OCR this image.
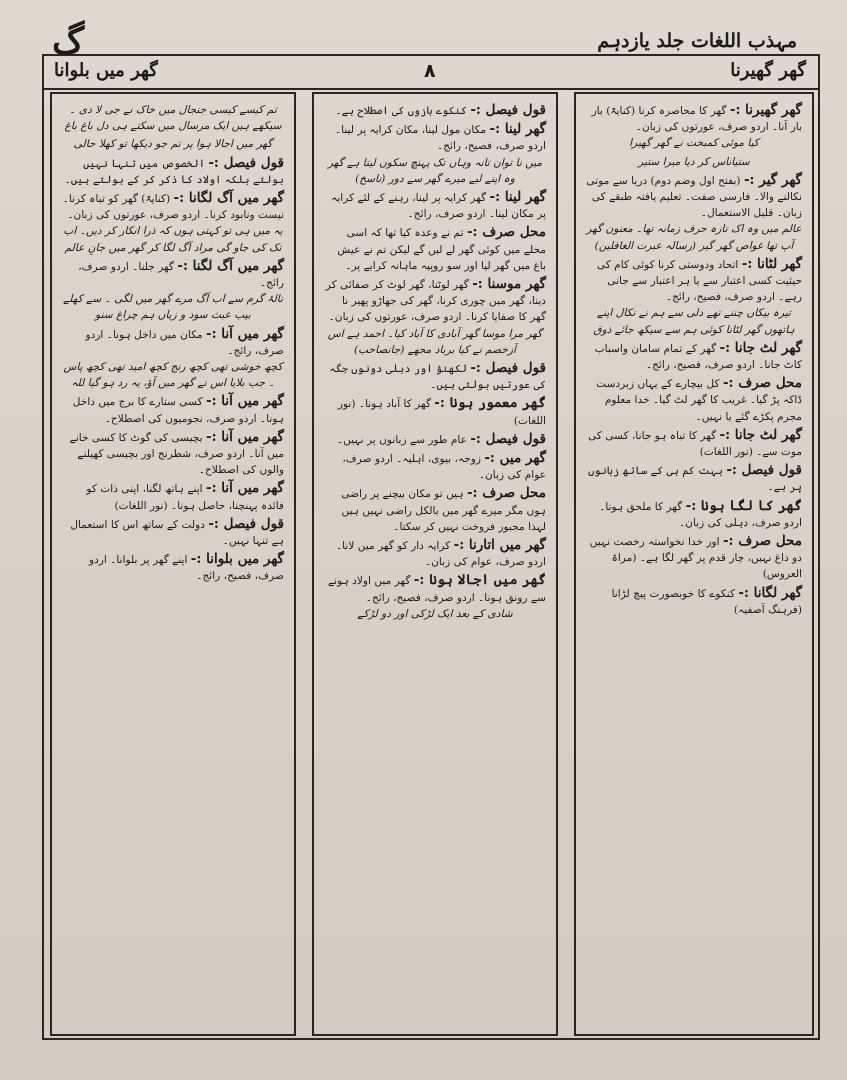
گ	مہذب اللغات جلد یازدہم
گھر میں بلوانا	۸	گھر گھیرنا

تم کیسے کیسی جنجال میں خاک نے جی لا دی ۔ سیکھے ہیں ایک مرسال میں سکتے ہی دل باغ باغ

گھر میں اجالا ہوا پر تم جو دیکھا تو کھلا حالی

قول فیصل :- الخصوص میں تنہا نہیں بولتے بلکہ اولاد کا ذکر کر کے بولتے ہیں۔

گھر میں آگ لگانا :- (کنایۃً) گھر کو تباہ کرنا۔ نیست ونابود کرنا۔ اردو صرف، عورتوں کی زبان۔
یہ میں ہی تو کہتی ہوں کہ ذرا انکار کر دیں۔ اب تک کی جاو گی مراد آگ لگا کر گھر میں جانِ عالم

گھر میں آگ لگنا :- گھر جلنا۔ اردو صرف، رائج۔
نالۂ گرم سے اب آگ مرے گھر میں لگی ۔ سے کھلے بیب عبث سود و زیاں ہم چراغ سنو

گھر میں آنا :- مکان میں داخل ہونا۔ اردو صرف، رائج۔
کچھ خوشی تھی کچھ رنج کچھ امید تھی کچھ پاس ۔ جب بلایا اس نے گھر میں آؤ، یہ رد ہو گیا للہ

گھر میں آنا :- کسی ستارے کا برج میں داخل ہونا۔ اردو صرف، نجومیوں کی اصطلاح۔

گھر میں آنا :- بچیسی کی گوٹ کا کسی خانے میں آنا۔ اردو صرف، شطرنج اور بچیسی کھیلنے والوں کی اصطلاح۔

گھر میں آنا :- اپنے ہاتھ لگنا، اپنی ذات کو فائدہ پہنچنا، حاصل ہونا۔ (نور اللغات)

قول فیصل :- دولت کے ساتھ اس کا استعمال ہے تنہا نہیں۔

گھر میں بلوانا :- اپنے گھر پر بلوانا۔ اردو صرف، فصیح، رائج۔

قول فیصل :- کنکوے بازوں کی اصطلاح ہے۔

گھر لینا :- مکان مول لینا، مکان کرایہ پر لینا۔ اردو صرف، فصیح، رائج۔
میں نا توان تانہ وہاں تک پہنچ سکوں لیتا ہے گھر وہ اپنے لیے میرے گھر سے دور (ناسخ)

گھر لینا :- گھر کرایہ پر لینا، رہنے کے لئے کرایہ پر مکان لینا۔ اردو صرف، رائج۔

محل صرف :- تم نے وعدہ کیا تھا کہ اسی محلے میں کوئی گھر لے لیں گے لیکن تم نے عیش باغ میں گھر لیا اور سو روپیہ ماہانہ کرایے پر۔

گھر موسنا :- گھر لوٹنا، گھر لوٹ کر صفائی کر دینا، گھر میں چوری کرنا، گھر کی جھاڑو پھیر نا گھر کا صفایا کرنا۔ اردو صرف، عورتوں کی زبان۔
گھر مرا موسا گھر آبادی کا آباد کیا۔ احمد ہے اس آزخصم نے کیا برباد مجھے (جانصاحب)

قول فیصل :- لکھنؤ اور دہلی دونوں جگہ کی عورتیں بولتی ہیں۔

گھر معمور ہونا :- گھر کا آباد ہونا۔ (نور اللغات)

قول فیصل :- عام طور سے زبانوں پر نہیں۔

گھر میں :- زوجہ، بیوی، اہلیہ۔ اردو صرف، عوام کی زبان۔

محل صرف :- ہیں تو مکان بیچنے پر راضی ہوں مگر میرے گھر میں بالکل راضی نہیں ہیں لہذا مجبور فروخت نہیں کر سکتا۔

گھر میں اتارنا :- کرایہ دار کو گھر میں لانا۔ اردو صرف، عوام کی زبان۔

گھر میں اجالا ہونا :- گھر میں اولاد ہونے سے رونق ہونا۔ اردو صرف، فصیح، رائج۔
شادی کے بعد ایک لڑکی اور دو لڑکے

گھر گھیرنا :- گھر کا محاصرہ کرنا (کنایۃً) بار بار آنا۔ اردو صرف، عورتوں کی زبان۔
کیا موئی کمبخت نے گھر گھیرا

ستیاناس کر دیا میرا ستیر

گھر گیر :- (بفتح اول وضم دوم) دریا سے موتی نکالنے والا۔ فارسی صفت۔ تعلیم یافتہ طبقے کی زبان۔ قلیل الاستعمال۔
عالم میں وہ اک تازہ حرف زمانہ تھا۔ معنون گھر آپ تھا غواص گھر گیر (رسالہ عبرت الغافلین)

گھر لٹانا :- اتحاد ودوستی کرنا کوئی کام کی حیثیت کسی اعتبار سے یا ہر اعتبار سے جانی رہے۔ اردو صرف، فصیح، رائج۔
تیرہ بیکاں چننے تھے دلی سے ہم نے نکال اپنے ہاتھوں گھر لٹانا کوئی ہم سے سیکھ جائے ذوق

گھر لٹ جانا :- گھر کے تمام سامان واسباب کاٹ جانا۔ اردو صرف، فصیح، رائج۔

محل صرف :- کل بیچارے کے یہاں زبردست ڈاکہ پڑ گیا۔ غریب کا گھر لٹ گیا۔ خدا معلوم مجرم پکڑے گئے یا نہیں۔

گھر لٹ جانا :- گھر کا تباہ ہو جانا، کسی کی موت سے۔ (نور اللغات)

قول فیصل :- بہت کم ہی کے ساتھ زبانوں پر ہے۔

گھر کا لگا ہونا :- گھر کا ملحق ہونا۔ اردو صرف، دہلی کی زبان۔

محل صرف :- اور خدا نخواستہ رخصت نہیں دو داغ نہیں، چار قدم پر گھر لگا ہے۔ (مراۃ العروس)

گھر لگانا :- کنکوے کا خوبصورت پیچ لڑانا (فرہنگ آصفیہ)
